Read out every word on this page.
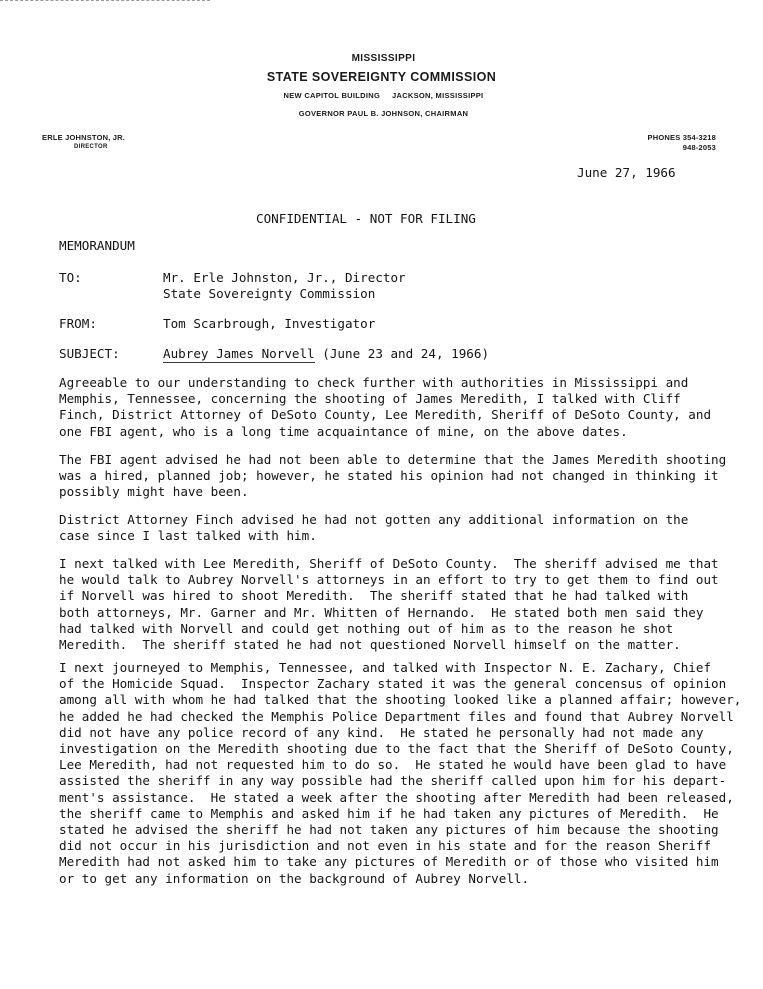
MISSISSIPPI
STATE SOVEREIGNTY COMMISSION
NEW CAPITOL BUILDING     JACKSON, MISSISSIPPI
GOVERNOR PAUL B. JOHNSON, CHAIRMAN
ERLE JOHNSTON, JR.
DIRECTOR
PHONES 354-3218
948-2053
June 27, 1966
CONFIDENTIAL - NOT FOR FILING
MEMORANDUM
TO:	Mr. Erle Johnston, Jr., Director
State Sovereignty Commission
FROM:	Tom Scarbrough, Investigator
SUBJECT:	Aubrey James Norvell (June 23 and 24, 1966)
Agreeable to our understanding to check further with authorities in Mississippi and
Memphis, Tennessee, concerning the shooting of James Meredith, I talked with Cliff
Finch, District Attorney of DeSoto County, Lee Meredith, Sheriff of DeSoto County, and
one FBI agent, who is a long time acquaintance of mine, on the above dates.
The FBI agent advised he had not been able to determine that the James Meredith shooting
was a hired, planned job; however, he stated his opinion had not changed in thinking it
possibly might have been.
District Attorney Finch advised he had not gotten any additional information on the
case since I last talked with him.
I next talked with Lee Meredith, Sheriff of DeSoto County.  The sheriff advised me that
he would talk to Aubrey Norvell's attorneys in an effort to try to get them to find out
if Norvell was hired to shoot Meredith.  The sheriff stated that he had talked with
both attorneys, Mr. Garner and Mr. Whitten of Hernando.  He stated both men said they
had talked with Norvell and could get nothing out of him as to the reason he shot
Meredith.  The sheriff stated he had not questioned Norvell himself on the matter.
I next journeyed to Memphis, Tennessee, and talked with Inspector N. E. Zachary, Chief
of the Homicide Squad.  Inspector Zachary stated it was the general concensus of opinion
among all with whom he had talked that the shooting looked like a planned affair; however,
he added he had checked the Memphis Police Department files and found that Aubrey Norvell
did not have any police record of any kind.  He stated he personally had not made any
investigation on the Meredith shooting due to the fact that the Sheriff of DeSoto County,
Lee Meredith, had not requested him to do so.  He stated he would have been glad to have
assisted the sheriff in any way possible had the sheriff called upon him for his depart-
ment's assistance.  He stated a week after the shooting after Meredith had been released,
the sheriff came to Memphis and asked him if he had taken any pictures of Meredith.  He
stated he advised the sheriff he had not taken any pictures of him because the shooting
did not occur in his jurisdiction and not even in his state and for the reason Sheriff
Meredith had not asked him to take any pictures of Meredith or of those who visited him
or to get any information on the background of Aubrey Norvell.
